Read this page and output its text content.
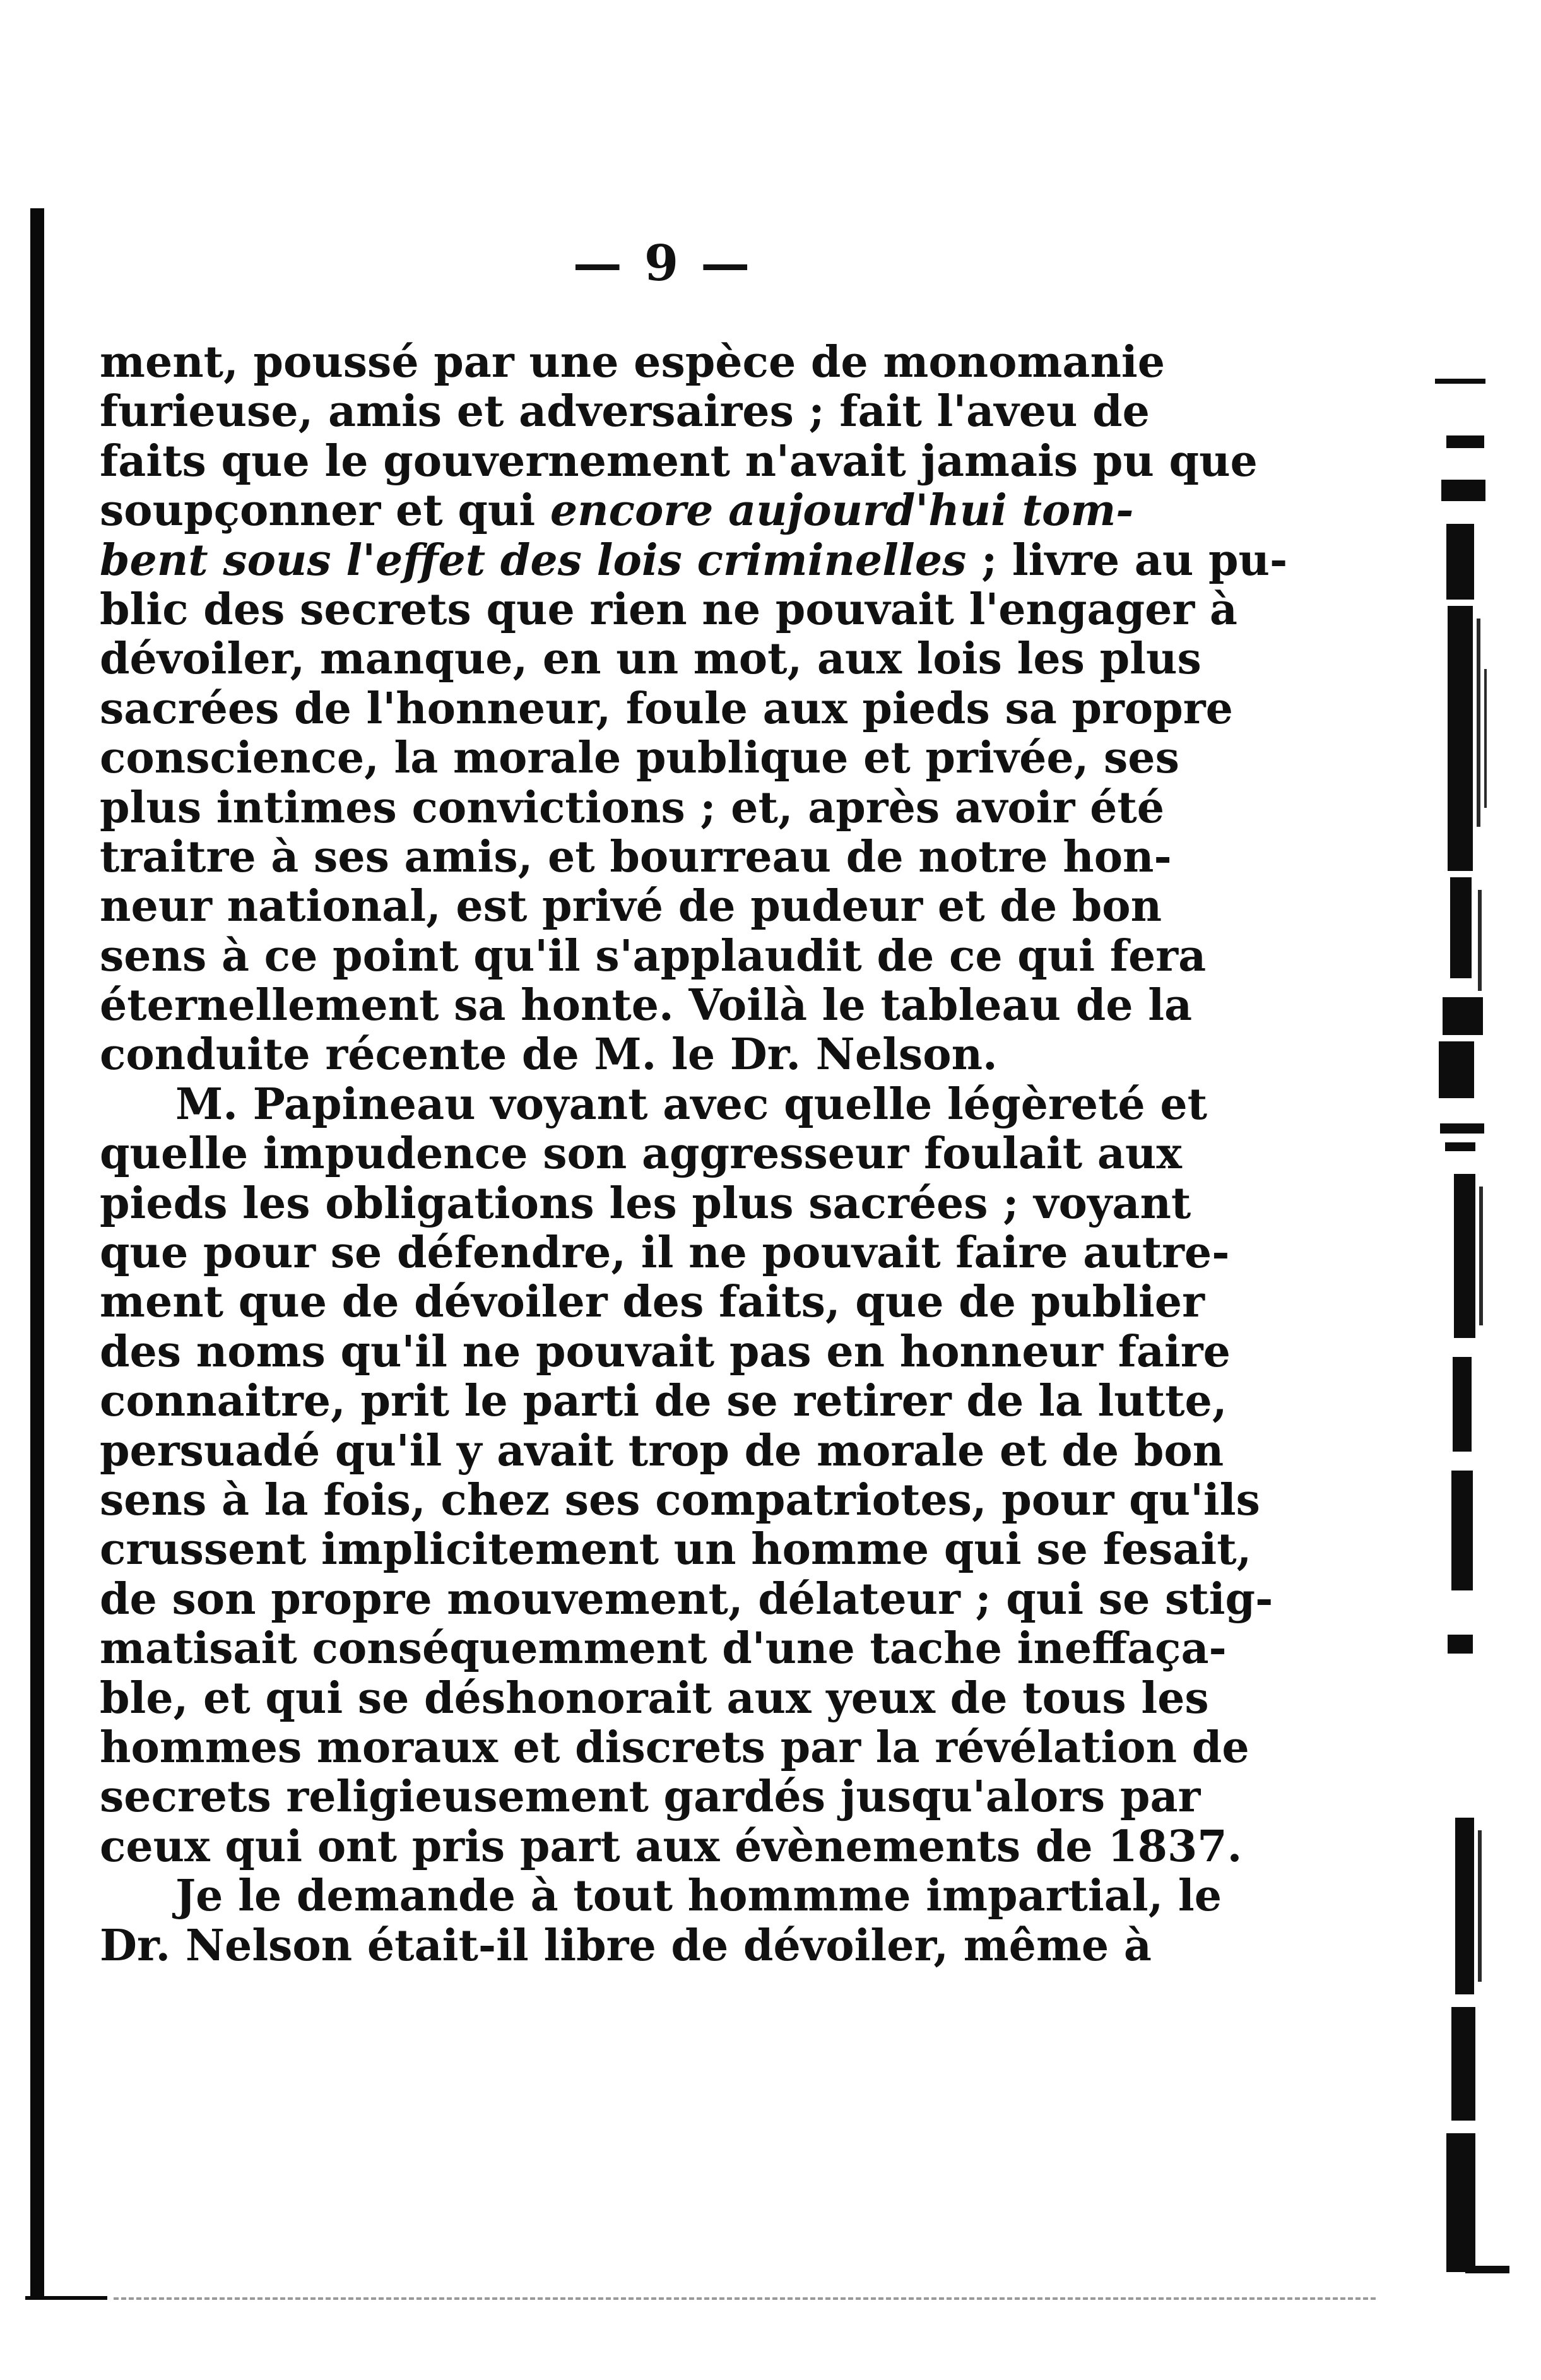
— 9 —
ment, poussé par une espèce de monomanie
furieuse, amis et adversaires ; fait l'aveu de
faits que le gouvernement n'avait jamais pu que
soupçonner et qui encore aujourd'hui tom-
bent sous l'effet des lois criminelles ; livre au pu-
blic des secrets que rien ne pouvait l'engager à
dévoiler, manque, en un mot, aux lois les plus
sacrées de l'honneur, foule aux pieds sa propre
conscience, la morale publique et privée, ses
plus intimes convictions ; et, après avoir été
traitre à ses amis, et bourreau de notre hon-
neur national, est privé de pudeur et de bon
sens à ce point qu'il s'applaudit de ce qui fera
éternellement sa honte. Voilà le tableau de la
conduite récente de M. le Dr. Nelson.
M. Papineau voyant avec quelle légèreté et
quelle impudence son aggresseur foulait aux
pieds les obligations les plus sacrées ; voyant
que pour se défendre, il ne pouvait faire autre-
ment que de dévoiler des faits, que de publier
des noms qu'il ne pouvait pas en honneur faire
connaitre, prit le parti de se retirer de la lutte,
persuadé qu'il y avait trop de morale et de bon
sens à la fois, chez ses compatriotes, pour qu'ils
crussent implicitement un homme qui se fesait,
de son propre mouvement, délateur ; qui se stig-
matisait conséquemment d'une tache ineffaça-
ble, et qui se déshonorait aux yeux de tous les
hommes moraux et discrets par la révélation de
secrets religieusement gardés jusqu'alors par
ceux qui ont pris part aux évènements de 1837.
Je le demande à tout hommme impartial, le
Dr. Nelson était-il libre de dévoiler, même à
